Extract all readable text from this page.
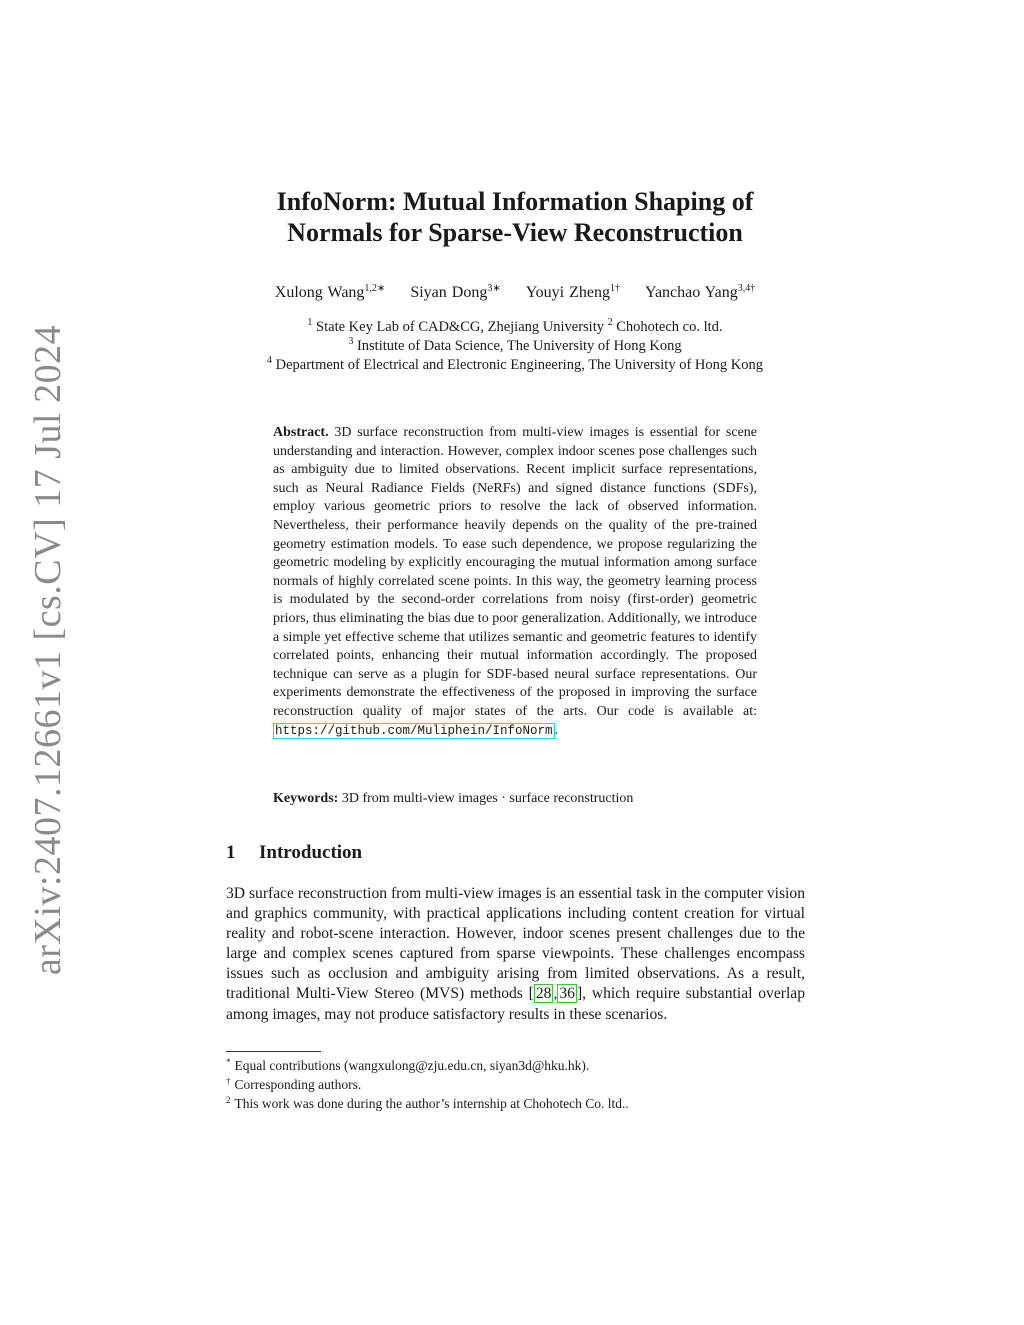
arXiv:2407.12661v1 [cs.CV] 17 Jul 2024
InfoNorm: Mutual Information Shaping of
Normals for Sparse-View Reconstruction
Xulong Wang$^{1,2∗}$ Siyan Dong$^{3∗}$ Youyi Zheng$^{1\dagger}$ Yanchao Yang$^{3,4\dagger}$
$^1$ State Key Lab of CAD&CG, Zhejiang University $^2$ Chohotech co. ltd.
$^3$ Institute of Data Science, The University of Hong Kong
$^4$ Department of Electrical and Electronic Engineering, The University of Hong Kong
Abstract. 3D surface reconstruction from multi-view images is essential for scene understanding and interaction. However, complex indoor scenes pose challenges such as ambiguity due to limited observations. Recent implicit surface representations, such as Neural Radiance Fields (NeRFs) and signed distance functions (SDFs), employ various geometric priors to resolve the lack of observed information. Nevertheless, their performance heavily depends on the quality of the pre-trained geometry estimation models. To ease such dependence, we propose regularizing the geometric modeling by explicitly encouraging the mutual information among surface normals of highly correlated scene points. In this way, the geometry learning process is modulated by the second-order correlations from noisy (first-order) geometric priors, thus eliminating the bias due to poor generalization. Additionally, we introduce a simple yet effective scheme that utilizes semantic and geometric features to identify correlated points, enhancing their mutual information accordingly. The proposed technique can serve as a plugin for SDF-based neural surface representations. Our experiments demonstrate the effectiveness of the proposed in improving the surface reconstruction quality of major states of the arts. Our code is available at: https://github.com/Muliphein/InfoNorm .
Keywords: 3D from multi-view images · surface reconstruction
1 Introduction
3D surface reconstruction from multi-view images is an essential task in the computer vision and graphics community, with practical applications including content creation for virtual reality and robot-scene interaction. However, indoor scenes present challenges due to the large and complex scenes captured from sparse viewpoints. These challenges encompass issues such as occlusion and ambiguity arising from limited observations. As a result, traditional Multi-View Stereo (MVS) methods [ 28 , 36 ], which require substantial overlap among images, may not produce satisfactory results in these scenarios.
* Equal contributions (wangxulong@zju.edu.cn, siyan3d@hku.hk).
† Corresponding authors.
$^2$ This work was done during the author’s internship at Chohotech Co. ltd..
